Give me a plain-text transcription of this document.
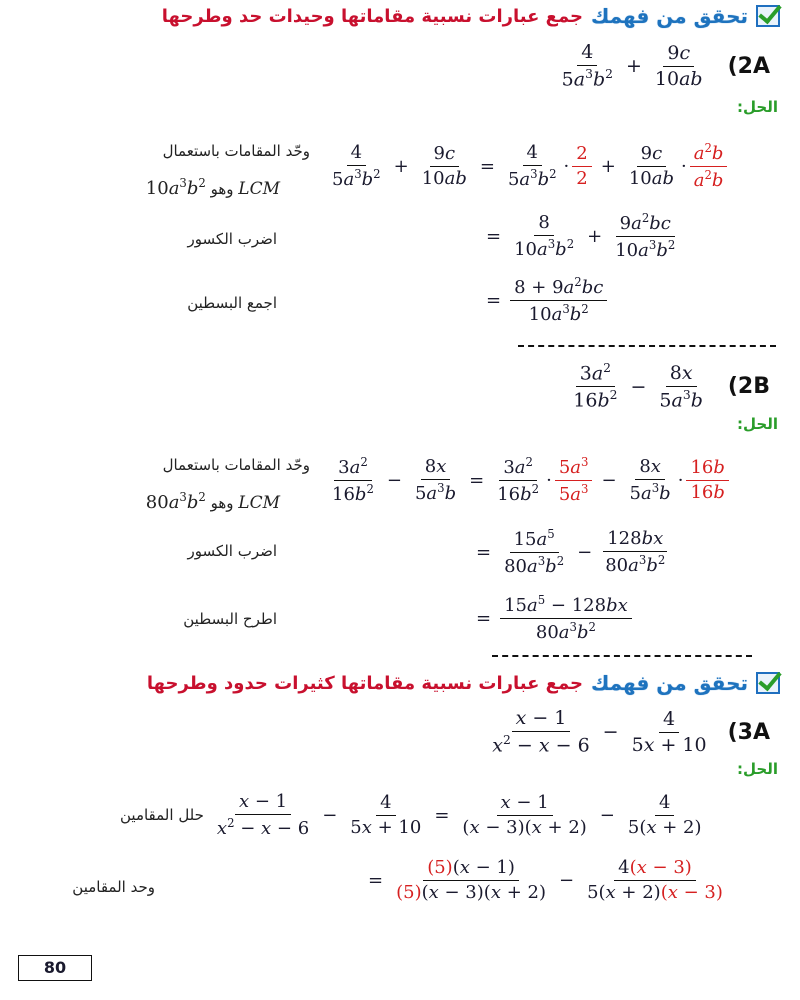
تحقق من فهمك
جمع عبارات نسبية مقاماتها وحيدات حد وطرحها
$\frac{4}{5a^3b^2} + \frac{9c}{10ab} (2A$
الحل:
وحّد المقامات باستعمال
$10a^3b^2$ وهو LCM
اضرب الكسور
اجمع البسطين
$\frac{4}{5a^3b^2} + \frac{9c}{10ab} = \frac{4}{5a^3b^2} \cdot \frac{2}{2} + \frac{9c}{10ab} \cdot \frac{a^2b}{a^2b}$
= $\frac{8}{10a^3b^2} + \frac{9a^2bc}{10a^3b^2}$
= $\frac{8 + 9a^2bc}{10a^3b^2}$
$\frac{3a^2}{16b^2} - \frac{8x}{5a^3b} (2B$
الحل:
وحّد المقامات باستعمال
$80a^3b^2$ وهو LCM
اضرب الكسور
اطرح البسطين
$\frac{3a^2}{16b^2} - \frac{8x}{5a^3b} = \frac{3a^2}{16b^2} \cdot \frac{5a^3}{5a^3} - \frac{8x}{5a^3b} \cdot \frac{16b}{16b}$
= $\frac{15a^5}{80a^3b^2} - \frac{128bx}{80a^3b^2}$
= $\frac{15a^5 - 128bx}{80a^3b^2}$
تحقق من فهمك
جمع عبارات نسبية مقاماتها كثيرات حدود وطرحها
$\frac{x - 1}{x^2 - x - 6} - \frac{4}{5x + 10} (3A$
الحل:
حلل المقامين $\frac{x - 1}{x^2 - x - 6} - \frac{4}{5x + 10} = \frac{x - 1}{(x - 3)(x + 2)} - \frac{4}{5(x + 2)}$
وحد المقامين	= $\frac{(5)(x - 1)}{(5)(x - 3)(x + 2)} - \frac{4(x - 3)}{5(x + 2)(x - 3)}$
80
